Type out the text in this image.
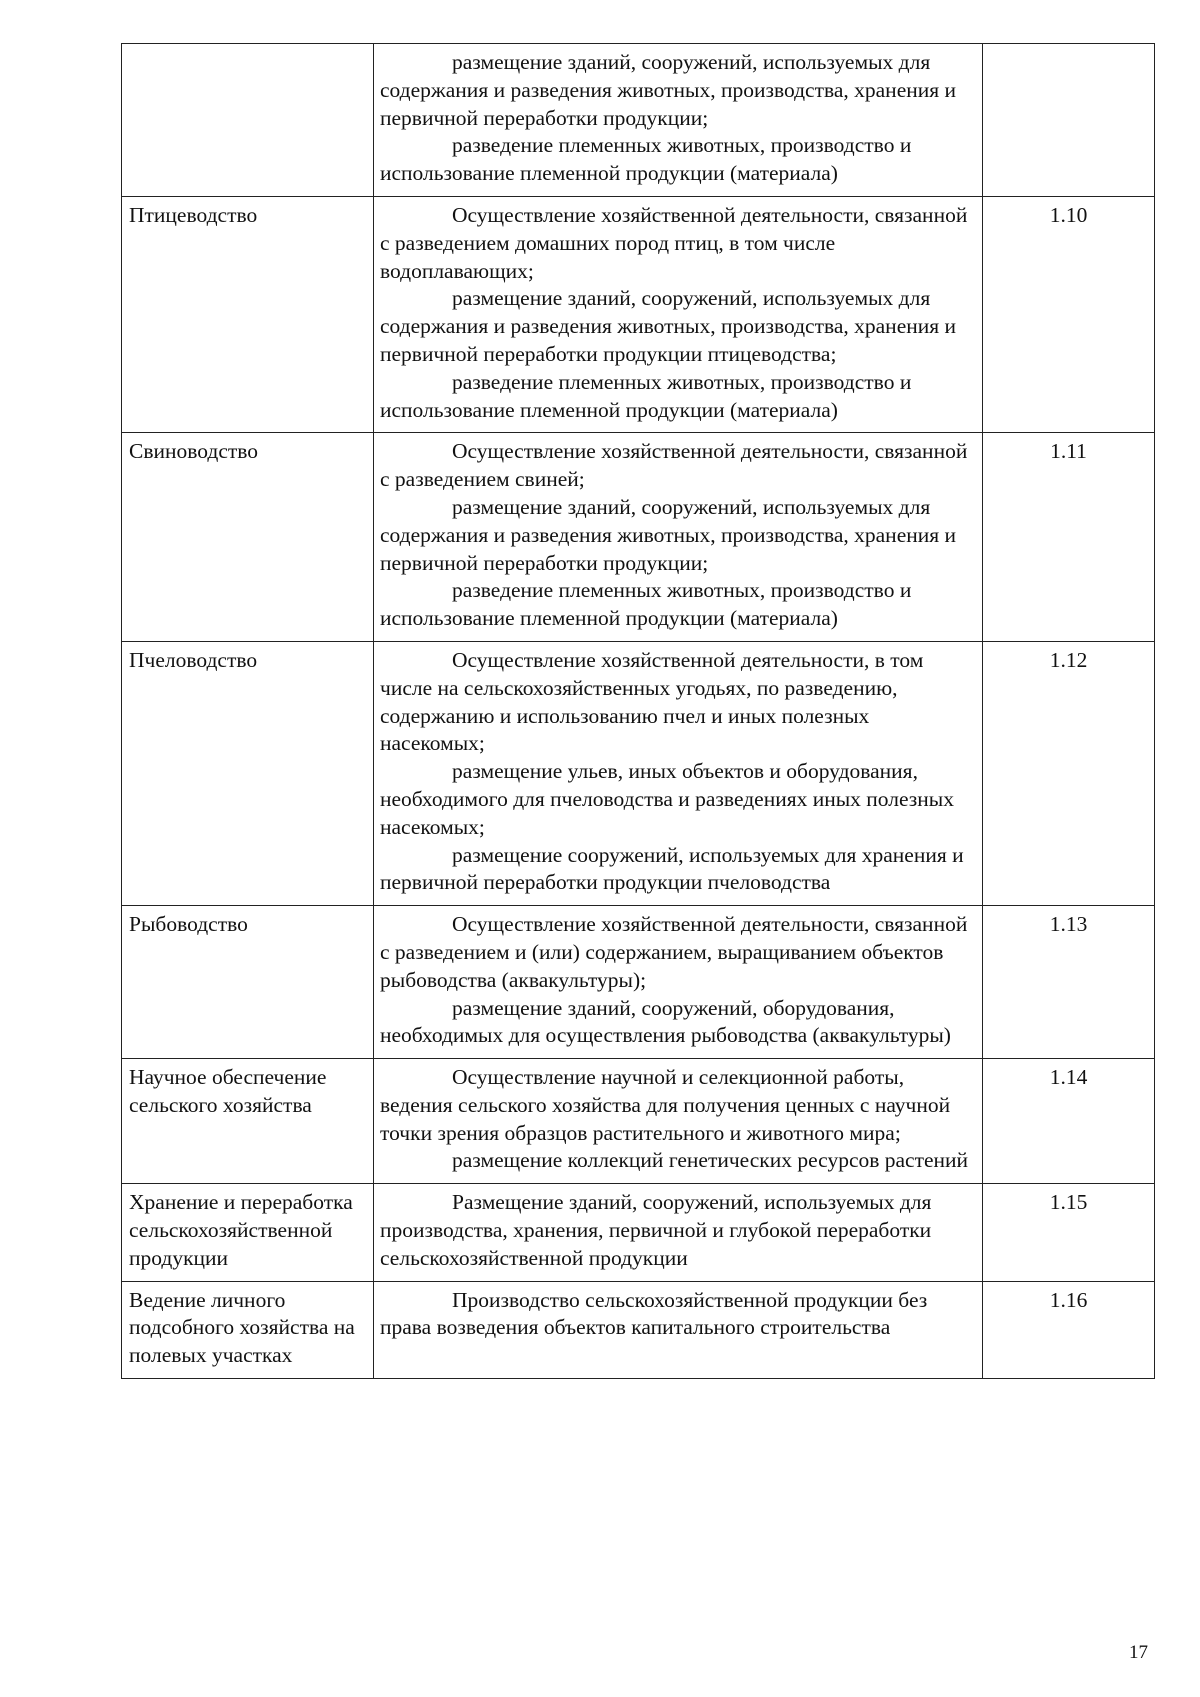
	размещение зданий, сооружений, используемых для содержания и разведения животных, производства, хранения и первичной переработки продукции;

разведение племенных животных, производство и использование племенной продукции (материала)	

Птицеводство	Осуществление хозяйственной деятельности, связанной с разведением домашних пород птиц, в том числе водоплавающих;

размещение зданий, сооружений, используемых для содержания и разведения животных, производства, хранения и первичной переработки продукции птицеводства;

разведение племенных животных, производство и использование племенной продукции (материала)	1.10
Свиноводство	Осуществление хозяйственной деятельности, связанной с разведением свиней;

размещение зданий, сооружений, используемых для содержания и разведения животных, производства, хранения и первичной переработки продукции;

разведение племенных животных, производство и использование племенной продукции (материала)	1.11
Пчеловодство	Осуществление хозяйственной деятельности, в том числе на сельскохозяйственных угодьях, по разведению, содержанию и использованию пчел и иных полезных насекомых;

размещение ульев, иных объектов и оборудования, необходимого для пчеловодства и разведениях иных полезных насекомых;

размещение сооружений, используемых для хранения и первичной переработки продукции пчеловодства	1.12
Рыбоводство	Осуществление хозяйственной деятельности, связанной с разведением и (или) содержанием, выращиванием объектов рыбоводства (аквакультуры);

размещение зданий, сооружений, оборудования, необходимых для осуществления рыбоводства (аквакультуры)	1.13
Научное обеспечение сельского хозяйства	Осуществление научной и селекционной работы, ведения сельского хозяйства для получения ценных с научной точки зрения образцов растительного и животного мира;

размещение коллекций генетических ресурсов растений	1.14
Хранение и переработка сельскохозяйственной продукции	Размещение зданий, сооружений, используемых для производства, хранения, первичной и глубокой переработки сельскохозяйственной продукции	1.15
Ведение личного подсобного хозяйства на полевых участках	Производство сельскохозяйственной продукции без права возведения объектов капитального строительства	1.16
17
